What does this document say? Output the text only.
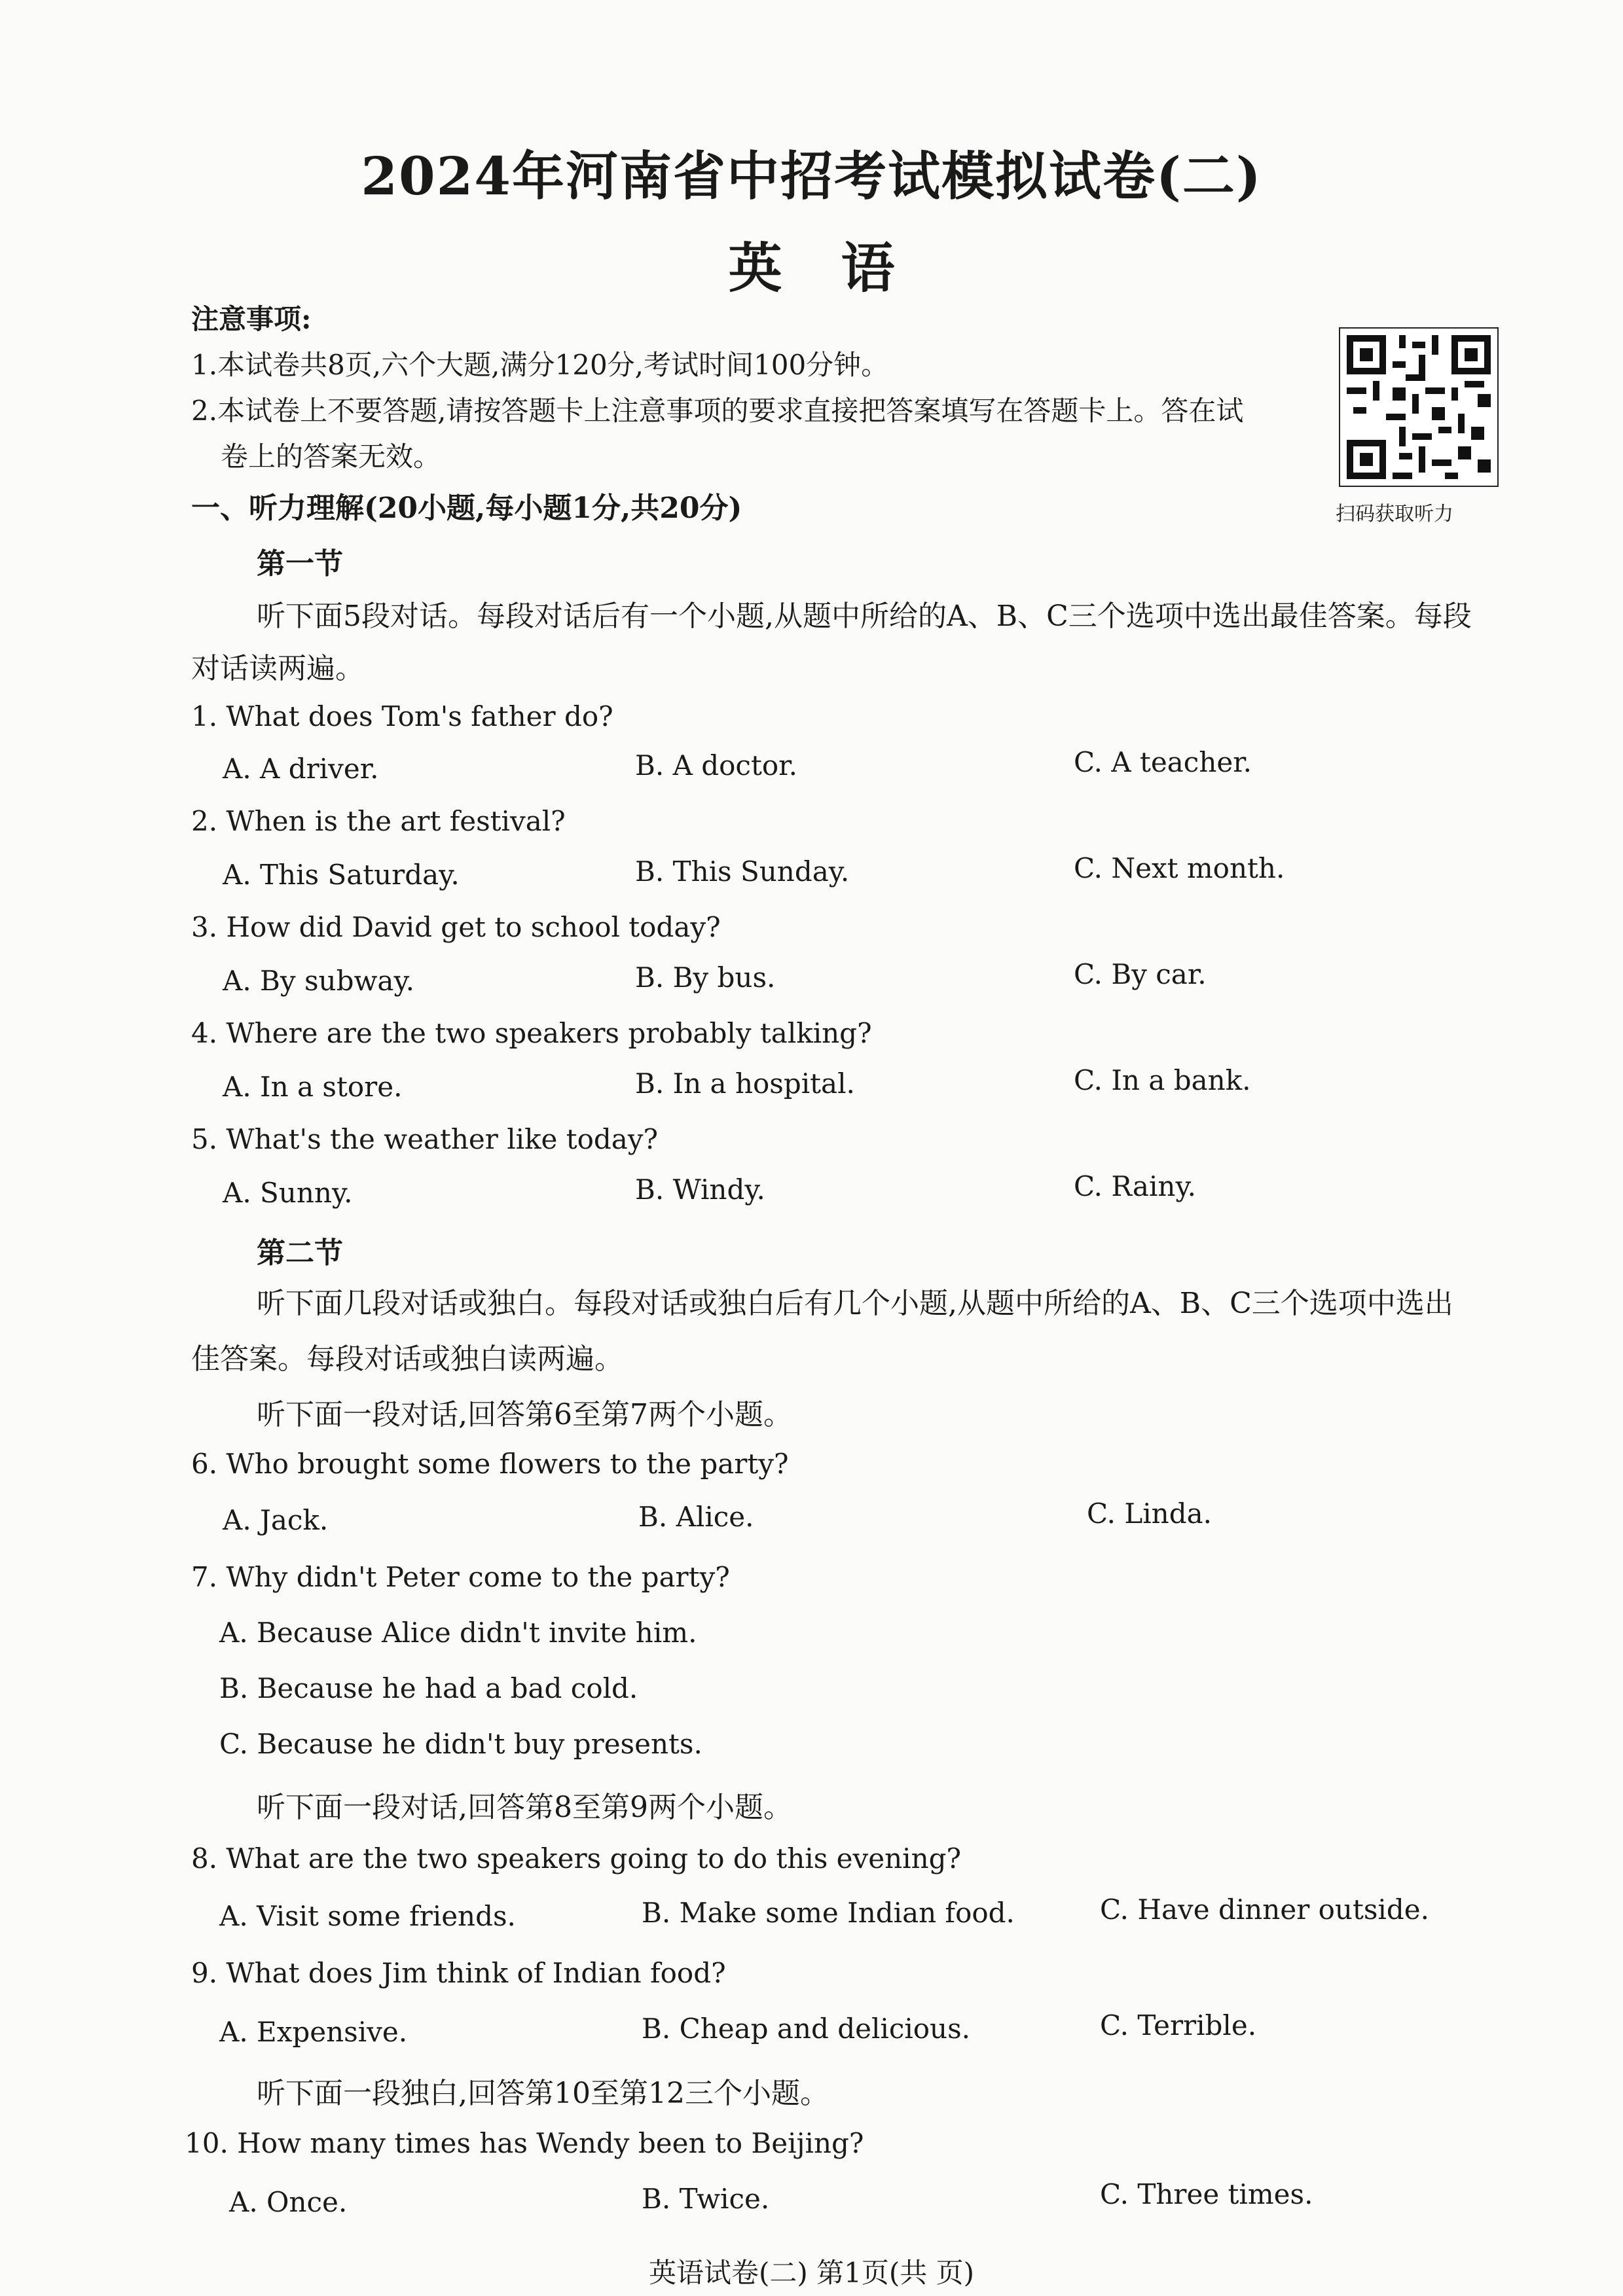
2024年河南省中招考试模拟试卷(二)
英语
注意事项:
1.本试卷共8页,六个大题,满分120分,考试时间100分钟。
2.本试卷上不要答题,请按答题卡上注意事项的要求直接把答案填写在答题卡上。答在试
卷上的答案无效。
扫码获取听力
一、听力理解(20小题,每小题1分,共20分)
第一节
听下面5段对话。每段对话后有一个小题,从题中所给的A、B、C三个选项中选出最佳答案。每段
对话读两遍。
1. What does Tom's father do?
A. A driver.	B. A doctor.	C. A teacher.
2. When is the art festival?
A. This Saturday.	B. This Sunday.	C. Next month.
3. How did David get to school today?
A. By subway.	B. By bus.	C. By car.
4. Where are the two speakers probably talking?
A. In a store.	B. In a hospital.	C. In a bank.
5. What's the weather like today?
A. Sunny.	B. Windy.	C. Rainy.
第二节
听下面几段对话或独白。每段对话或独白后有几个小题,从题中所给的A、B、C三个选项中选出
佳答案。每段对话或独白读两遍。
听下面一段对话,回答第6至第7两个小题。
6. Who brought some flowers to the party?
A. Jack.	B. Alice.	C. Linda.
7. Why didn't Peter come to the party?
A. Because Alice didn't invite him.
B. Because he had a bad cold.
C. Because he didn't buy presents.
听下面一段对话,回答第8至第9两个小题。
8. What are the two speakers going to do this evening?
A. Visit some friends.	B. Make some Indian food.	C. Have dinner outside.
9. What does Jim think of Indian food?
A. Expensive.	B. Cheap and delicious.	C. Terrible.
听下面一段独白,回答第10至第12三个小题。
10. How many times has Wendy been to Beijing?
A. Once.	B. Twice.	C. Three times.
英语试卷(二) 第1页(共 页)
